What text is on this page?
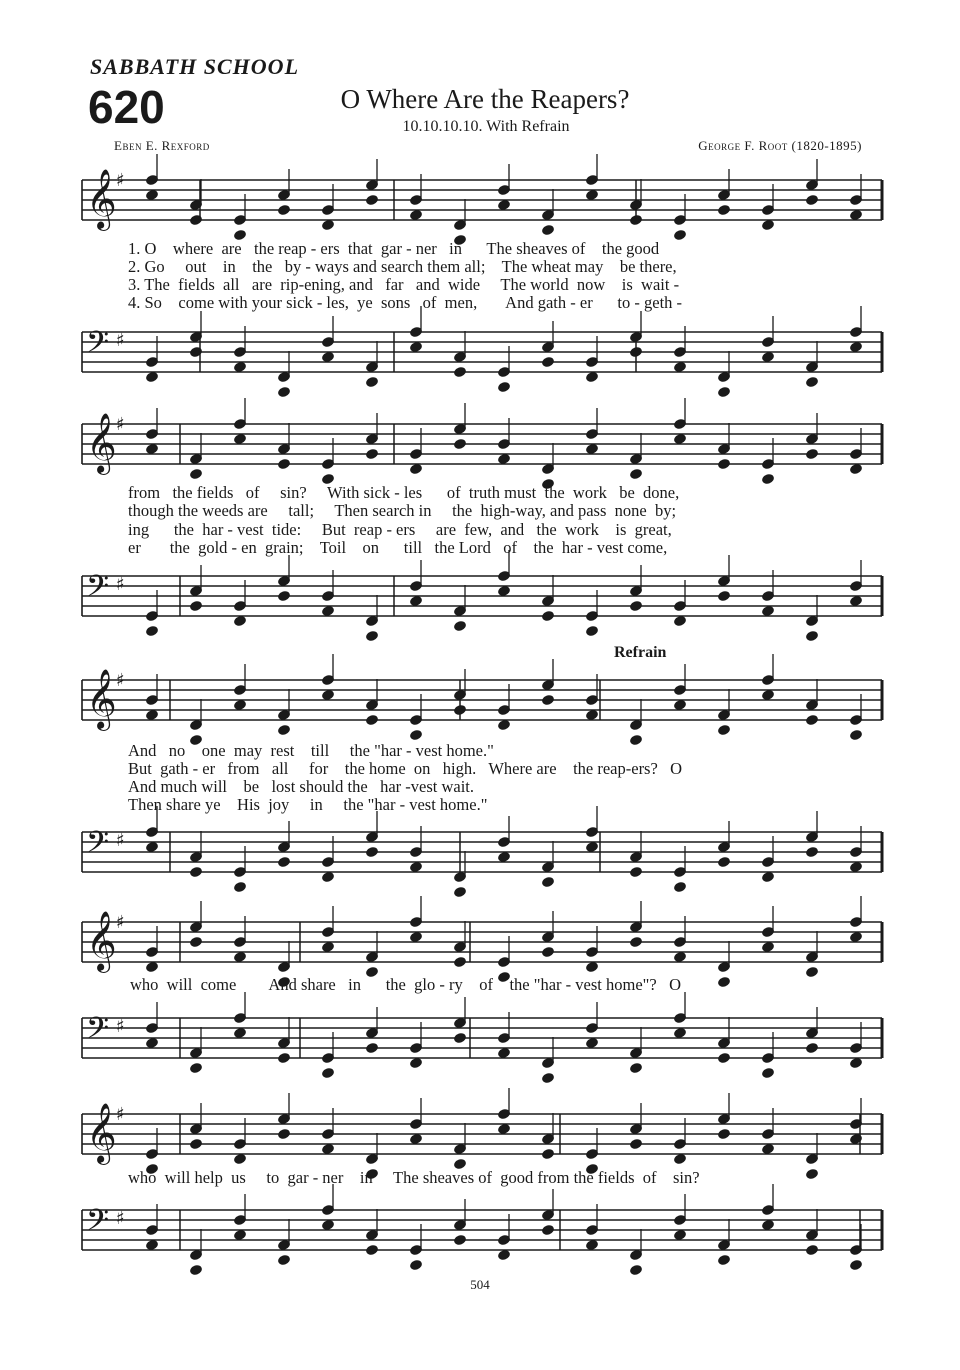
SABBATH SCHOOL
620	O Where Are the Reapers?
10.10.10.10. With Refrain
Eben E. Rexford	George F. Root (1820-1895)
𝄞 ♯
1. O    where  are   the reap - ers  that  gar - ner   in      The sheaves of    the good
2. Go     out    in    the   by - ways and search them all;    The wheat may    be there,
3. The  fields  all   are  rip-ening, and   far   and  wide     The world  now    is  wait -
4. So    come with your sick - les,  ye  sons   of  men,       And gath - er      to - geth -
𝄢 ♯
𝄞 ♯
from   the fields   of     sin?     With sick - les      of  truth must  the  work   be  done,
though the weeds are     tall;     Then search in     the  high-way, and pass  none  by;
ing      the  har - vest  tide:     But  reap - ers     are  few,  and   the  work    is  great,
er       the  gold - en  grain;    Toil    on      till   the Lord   of    the  har - vest come,
𝄢 ♯
Refrain
𝄞 ♯
And   no    one  may  rest    till     the "har - vest home."
But  gath - er   from   all     for    the home  on   high.   Where are    the reap-ers?   O
And much will    be   lost should the   har -vest wait.
Then share ye    His  joy     in     the "har - vest home."
𝄢 ♯
𝄞 ♯
who  will  come        And share   in      the  glo - ry    of    the "har - vest home"?   O
𝄢 ♯
𝄞 ♯
who  will help  us     to  gar - ner    in     The sheaves of  good from the fields  of    sin?
𝄢 ♯
504
